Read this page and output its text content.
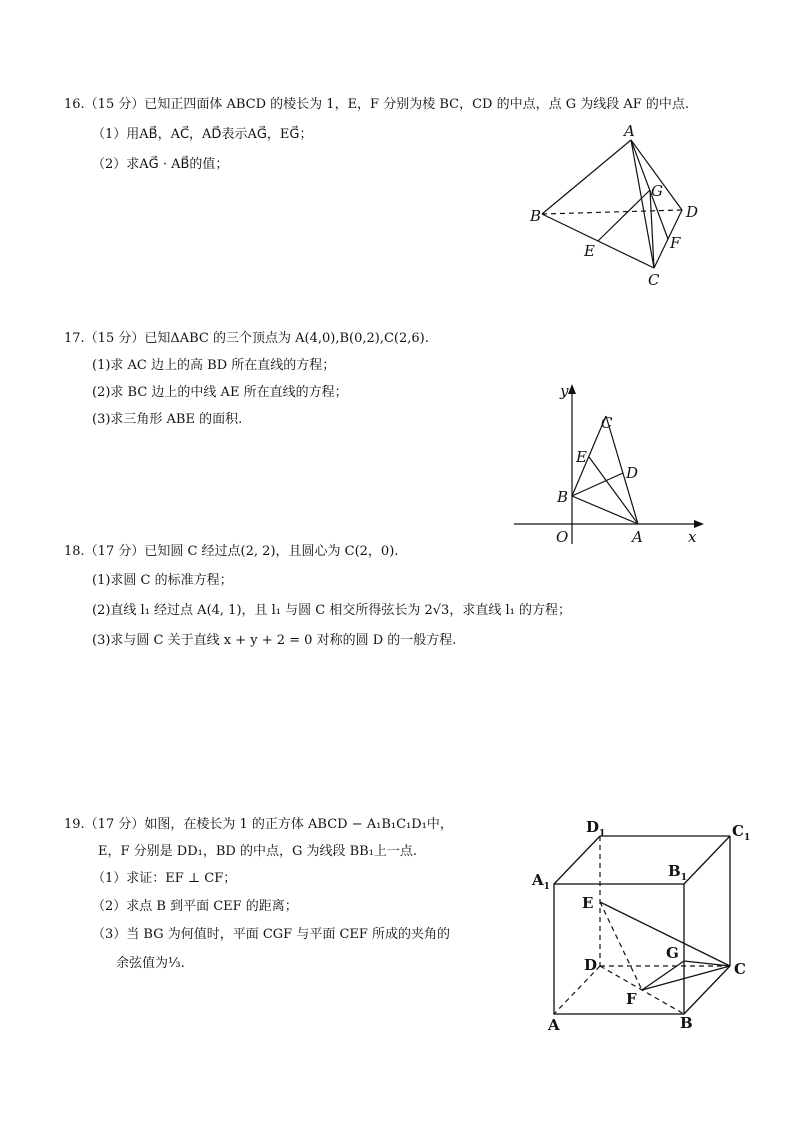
16.（15 分）已知正四面体 ABCD 的棱长为 1，E，F 分别为棱 BC，CD 的中点，点 G 为线段 AF 的中点.
（1）用AB⃗，AC⃗，AD⃗表示AG⃗，EG⃗；
（2）求AG⃗ · AB⃗的值；
A
B
C
D
E	F
G
17.（15 分）已知ΔABC 的三个顶点为 A(4,0),B(0,2),C(2,6).
(1)求 AC 边上的高 BD 所在直线的方程；
(2)求 BC 边上的中线 AE 所在直线的方程；
(3)求三角形 ABE 的面积.
y
x
O	A
B
C
D
E
18.（17 分）已知圆 C 经过点(2, 2)，且圆心为 C(2，0).
(1)求圆 C 的标准方程；
(2)直线 l₁ 经过点 A(4, 1)，且 l₁ 与圆 C 相交所得弦长为 2√3，求直线 l₁ 的方程；
(3)求与圆 C 关于直线 x + y + 2 = 0 对称的圆 D 的一般方程.
19.（17 分）如图，在棱长为 1 的正方体 ABCD − A₁B₁C₁D₁中，
E，F 分别是 DD₁，BD 的中点，G 为线段 BB₁上一点.
（1）求证：EF ⊥ CF；
（2）求点 B 到平面 CEF 的距离；
（3）当 BG 为何值时，平面 CGF 与平面 CEF 所成的夹角的
余弦值为⅓.
A	B
C
D
E
F
G
$A_1$
$B_1$
$C_1$
$D_1$
